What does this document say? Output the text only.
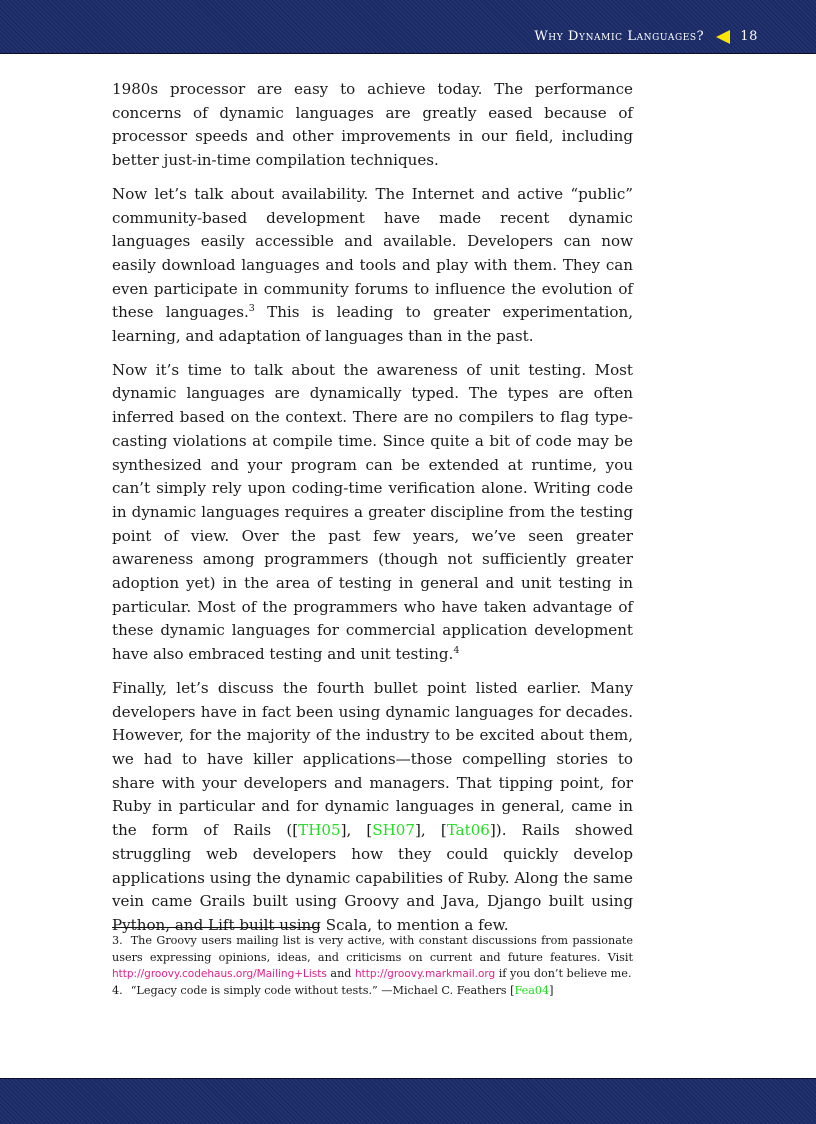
Why Dynamic Languages?	18

1980s processor are easy to achieve today. The performance concerns of dynamic languages are greatly eased because of processor speeds and other improvements in our field, including better just-in-time compilation techniques.

Now let’s talk about availability. The Internet and active “public” community-based development have made recent dynamic languages easily accessible and available. Developers can now easily download languages and tools and play with them. They can even participate in community forums to influence the evolution of these languages.$^3$ This is leading to greater experimentation, learning, and adaptation of languages than in the past.

Now it’s time to talk about the awareness of unit testing. Most dynamic languages are dynamically typed. The types are often inferred based on the context. There are no compilers to flag type-casting violations at compile time. Since quite a bit of code may be synthesized and your program can be extended at runtime, you can’t simply rely upon coding-time verification alone. Writing code in dynamic languages requires a greater discipline from the testing point of view. Over the past few years, we’ve seen greater awareness among programmers (though not sufficiently greater adoption yet) in the area of testing in general and unit testing in particular. Most of the programmers who have taken advantage of these dynamic languages for commercial application development have also embraced testing and unit testing.$^4$

Finally, let’s discuss the fourth bullet point listed earlier. Many developers have in fact been using dynamic languages for decades. However, for the majority of the industry to be excited about them, we had to have killer applications—those compelling stories to share with your developers and managers. That tipping point, for Ruby in particular and for dynamic languages in general, came in the form of Rails ([TH05], [SH07], [Tat06]). Rails showed struggling web developers how they could quickly develop applications using the dynamic capabilities of Ruby. Along the same vein came Grails built using Groovy and Java, Django built using Python, and Lift built using Scala, to mention a few.

3. The Groovy users mailing list is very active, with constant discussions from passionate users expressing opinions, ideas, and criticisms on current and future features. Visit http://groovy.codehaus.org/Mailing+Lists and http://groovy.markmail.org if you don’t believe me.

4. “Legacy code is simply code without tests.” —Michael C. Feathers [Fea04]
